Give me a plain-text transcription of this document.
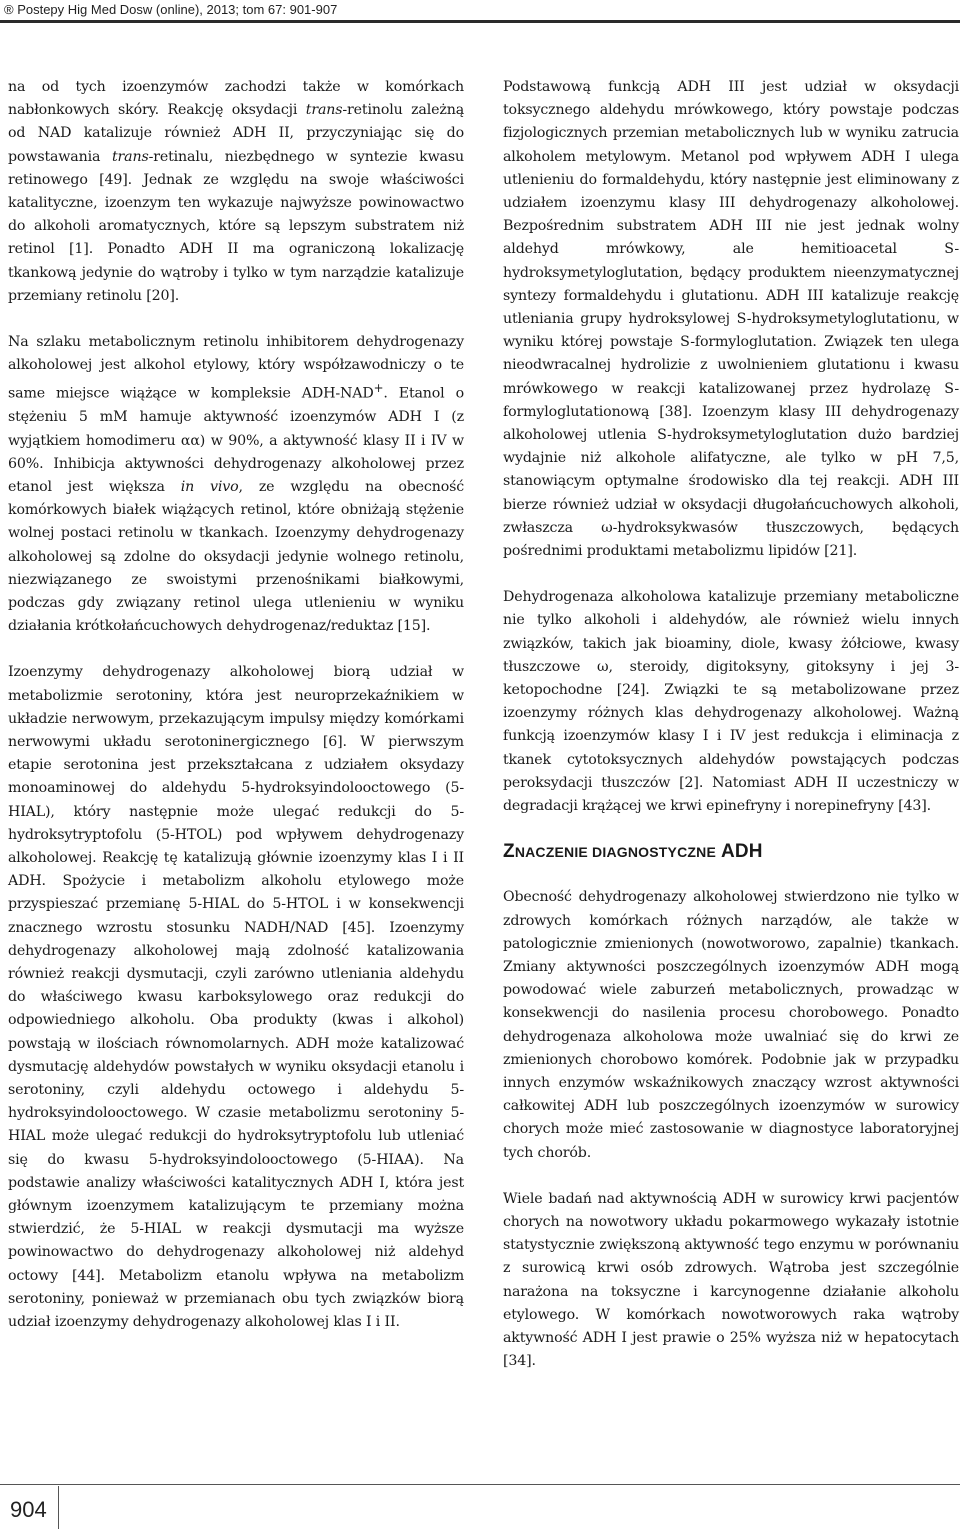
® Postepy Hig Med Dosw (online), 2013; tom 67: 901-907

na od tych izoenzymów zachodzi także w komórkach nabłonkowych skóry. Reakcję oksydacji trans-retinolu zależną od NAD katalizuje również ADH II, przyczyniając się do powstawania trans-retinalu, niezbędnego w syntezie kwasu retinowego [49]. Jednak ze względu na swoje właściwości katalityczne, izoenzym ten wykazuje najwyższe powinowactwo do alkoholi aromatycznych, które są lepszym substratem niż retinol [1]. Ponadto ADH II ma ograniczoną lokalizację tkankową jedynie do wątroby i tylko w tym narządzie katalizuje przemiany retinolu [20].

Na szlaku metabolicznym retinolu inhibitorem dehydrogenazy alkoholowej jest alkohol etylowy, który współzawodniczy o te same miejsce wiążące w kompleksie ADH-NAD+. Etanol o stężeniu 5 mM hamuje aktywność izoenzymów ADH I (z wyjątkiem homodimeru αα) w 90%, a aktywność klasy II i IV w 60%. Inhibicja aktywności dehydrogenazy alkoholowej przez etanol jest większa in vivo, ze względu na obecność komórkowych białek wiążących retinol, które obniżają stężenie wolnej postaci retinolu w tkankach. Izoenzymy dehydrogenazy alkoholowej są zdolne do oksydacji jedynie wolnego retinolu, niezwiązanego ze swoistymi przenośnikami białkowymi, podczas gdy związany retinol ulega utlenieniu w wyniku działania krótkołańcuchowych dehydrogenaz/reduktaz [15].

Izoenzymy dehydrogenazy alkoholowej biorą udział w metabolizmie serotoniny, która jest neuroprzekaźnikiem w układzie nerwowym, przekazującym impulsy między komórkami nerwowymi układu serotoninergicznego [6]. W pierwszym etapie serotonina jest przekształcana z udziałem oksydazy monoaminowej do aldehydu 5-hydroksyindolooctowego (5-HIAL), który następnie może ulegać redukcji do 5-hydroksytryptofolu (5-HTOL) pod wpływem dehydrogenazy alkoholowej. Reakcję tę katalizują głównie izoenzymy klas I i II ADH. Spożycie i metabolizm alkoholu etylowego może przyspieszać przemianę 5-HIAL do 5-HTOL i w konsekwencji znacznego wzrostu stosunku NADH/NAD [45]. Izoenzymy dehydrogenazy alkoholowej mają zdolność katalizowania również reakcji dysmutacji, czyli zarówno utleniania aldehydu do właściwego kwasu karboksylowego oraz redukcji do odpowiedniego alkoholu. Oba produkty (kwas i alkohol) powstają w ilościach równomolarnych. ADH może katalizować dysmutację aldehydów powstałych w wyniku oksydacji etanolu i serotoniny, czyli aldehydu octowego i aldehydu 5-hydroksyindolooctowego. W czasie metabolizmu serotoniny 5-HIAL może ulegać redukcji do hydroksytryptofolu lub utleniać się do kwasu 5-hydroksyindolooctowego (5-HIAA). Na podstawie analizy właściwości katalitycznych ADH I, która jest głównym izoenzymem katalizującym te przemiany można stwierdzić, że 5-HIAL w reakcji dysmutacji ma wyższe powinowactwo do dehydrogenazy alkoholowej niż aldehyd octowy [44]. Metabolizm etanolu wpływa na metabolizm serotoniny, ponieważ w przemianach obu tych związków biorą udział izoenzymy dehydrogenazy alkoholowej klas I i II.

Podstawową funkcją ADH III jest udział w oksydacji toksycznego aldehydu mrówkowego, który powstaje podczas fizjologicznych przemian metabolicznych lub w wyniku zatrucia alkoholem metylowym. Metanol pod wpływem ADH I ulega utlenieniu do formaldehydu, który następnie jest eliminowany z udziałem izoenzymu klasy III dehydrogenazy alkoholowej. Bezpośrednim substratem ADH III nie jest jednak wolny aldehyd mrówkowy, ale hemitioacetal S-hydroksymetyloglutation, będący produktem nieenzymatycznej syntezy formaldehydu i glutationu. ADH III katalizuje reakcję utleniania grupy hydroksylowej S-hydroksymetyloglutationu, w wyniku której powstaje S-formyloglutation. Związek ten ulega nieodwracalnej hydrolizie z uwolnieniem glutationu i kwasu mrówkowego w reakcji katalizowanej przez hydrolazę S-formyloglutationową [38]. Izoenzym klasy III dehydrogenazy alkoholowej utlenia S-hydroksymetyloglutation dużo bardziej wydajnie niż alkohole alifatyczne, ale tylko w pH 7,5, stanowiącym optymalne środowisko dla tej reakcji. ADH III bierze również udział w oksydacji długołańcuchowych alkoholi, zwłaszcza ω-hydroksykwasów tłuszczowych, będących pośrednimi produktami metabolizmu lipidów [21].

Dehydrogenaza alkoholowa katalizuje przemiany metaboliczne nie tylko alkoholi i aldehydów, ale również wielu innych związków, takich jak bioaminy, diole, kwasy żółciowe, kwasy tłuszczowe ω, steroidy, digitoksyny, gitoksyny i jej 3-ketopochodne [24]. Związki te są metabolizowane przez izoenzymy różnych klas dehydrogenazy alkoholowej. Ważną funkcją izoenzymów klasy I i IV jest redukcja i eliminacja z tkanek cytotoksycznych aldehydów powstających podczas peroksydacji tłuszczów [2]. Natomiast ADH II uczestniczy w degradacji krążącej we krwi epinefryny i norepinefryny [43].

ZNACZENIE DIAGNOSTYCZNE ADH

Obecność dehydrogenazy alkoholowej stwierdzono nie tylko w zdrowych komórkach różnych narządów, ale także w patologicznie zmienionych (nowotworowo, zapalnie) tkankach. Zmiany aktywności poszczególnych izoenzymów ADH mogą powodować wiele zaburzeń metabolicznych, prowadząc w konsekwencji do nasilenia procesu chorobowego. Ponadto dehydrogenaza alkoholowa może uwalniać się do krwi ze zmienionych chorobowo komórek. Podobnie jak w przypadku innych enzymów wskaźnikowych znaczący wzrost aktywności całkowitej ADH lub poszczególnych izoenzymów w surowicy chorych może mieć zastosowanie w diagnostyce laboratoryjnej tych chorób.

Wiele badań nad aktywnością ADH w surowicy krwi pacjentów chorych na nowotwory układu pokarmowego wykazały istotnie statystycznie zwiększoną aktywność tego enzymu w porównaniu z surowicą krwi osób zdrowych. Wątroba jest szczególnie narażona na toksyczne i karcynogenne działanie alkoholu etylowego. W komórkach nowotworowych raka wątroby aktywność ADH I jest prawie o 25% wyższa niż w hepatocytach [34].

904
